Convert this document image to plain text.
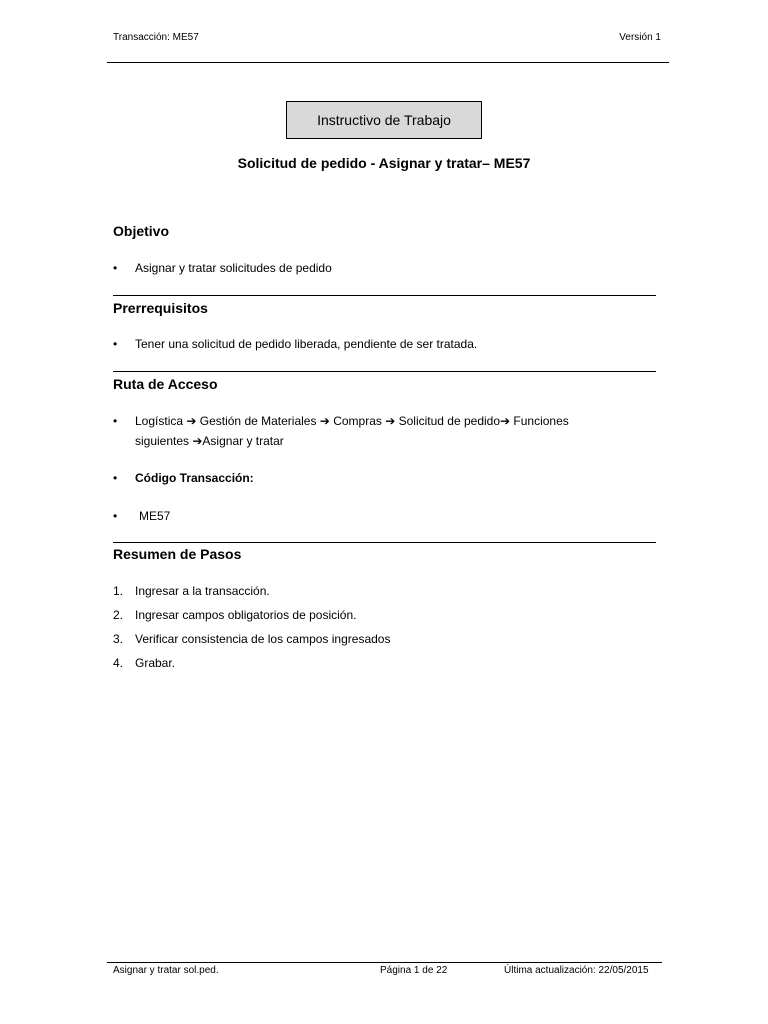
Transacción: ME57	Versión 1
Instructivo de Trabajo
Solicitud de pedido - Asignar y tratar– ME57
Objetivo
•	Asignar y tratar solicitudes de pedido
Prerrequisitos
•	Tener una solicitud de pedido liberada, pendiente de ser tratada.
Ruta de Acceso
•	Logística ➔ Gestión de Materiales ➔ Compras ➔ Solicitud de pedido➔ Funciones
siguientes ➔Asignar y tratar
•	Código Transacción:
•	ME57
Resumen de Pasos
1. Ingresar a la transacción.
2. Ingresar campos obligatorios de posición.
3. Verificar consistencia de los campos ingresados
4. Grabar.
Asignar y tratar sol.ped.	Página 1 de 22	Última actualización: 22/05/2015
